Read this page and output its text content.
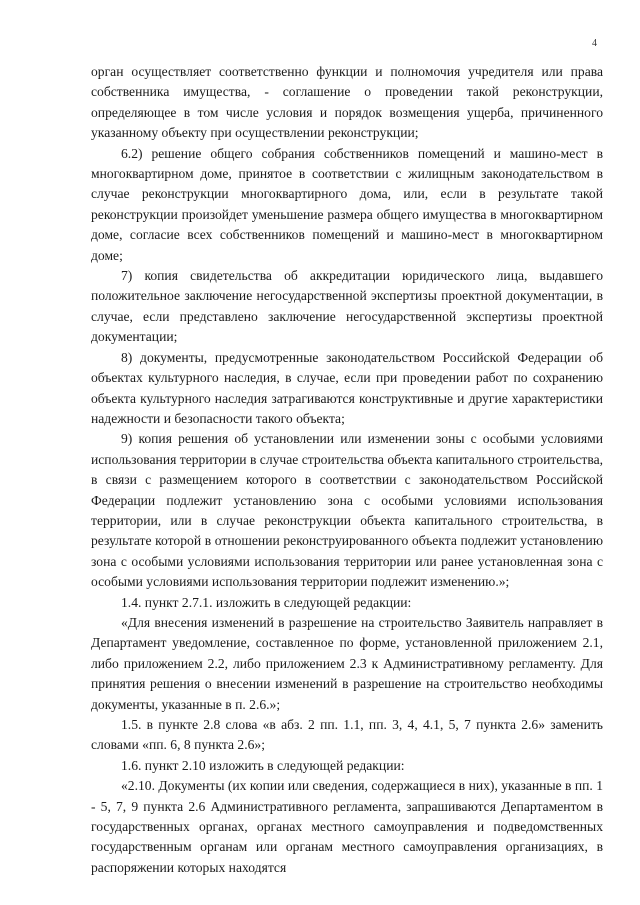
4

орган осуществляет соответственно функции и полномочия учредителя или права собственника имущества, - соглашение о проведении такой реконструкции, определяющее в том числе условия и порядок возмещения ущерба, причиненного указанному объекту при осуществлении реконструкции;

6.2) решение общего собрания собственников помещений и машино-мест в многоквартирном доме, принятое в соответствии с жилищным законодательством в случае реконструкции многоквартирного дома, или, если в результате такой реконструкции произойдет уменьшение размера общего имущества в многоквартирном доме, согласие всех собственников помещений и машино-мест в многоквартирном доме;

7) копия свидетельства об аккредитации юридического лица, выдавшего положительное заключение негосударственной экспертизы проектной документации, в случае, если представлено заключение негосударственной экспертизы проектной документации;

8) документы, предусмотренные законодательством Российской Федерации об объектах культурного наследия, в случае, если при проведении работ по сохранению объекта культурного наследия затрагиваются конструктивные и другие характеристики надежности и безопасности такого объекта;

9) копия решения об установлении или изменении зоны с особыми условиями использования территории в случае строительства объекта капитального строительства, в связи с размещением которого в соответствии с законодательством Российской Федерации подлежит установлению зона с особыми условиями использования территории, или в случае реконструкции объекта капитального строительства, в результате которой в отношении реконструированного объекта подлежит установлению зона с особыми условиями использования территории или ранее установленная зона с особыми условиями использования территории подлежит изменению.»;

1.4. пункт 2.7.1. изложить в следующей редакции:

«Для внесения изменений в разрешение на строительство Заявитель направляет в Департамент уведомление, составленное по форме, установленной приложением 2.1, либо приложением 2.2, либо приложением 2.3 к Административному регламенту. Для принятия решения о внесении изменений в разрешение на строительство необходимы документы, указанные в п. 2.6.»;

1.5. в пункте 2.8 слова «в абз. 2 пп. 1.1, пп. 3, 4, 4.1, 5, 7 пункта 2.6» заменить словами «пп. 6, 8 пункта 2.6»;

1.6. пункт 2.10 изложить в следующей редакции:

«2.10. Документы (их копии или сведения, содержащиеся в них), указанные в пп. 1 - 5, 7, 9 пункта 2.6 Административного регламента, запрашиваются Департаментом в государственных органах, органах местного самоуправления и подведомственных государственным органам или органам местного самоуправления организациях, в распоряжении которых находятся
